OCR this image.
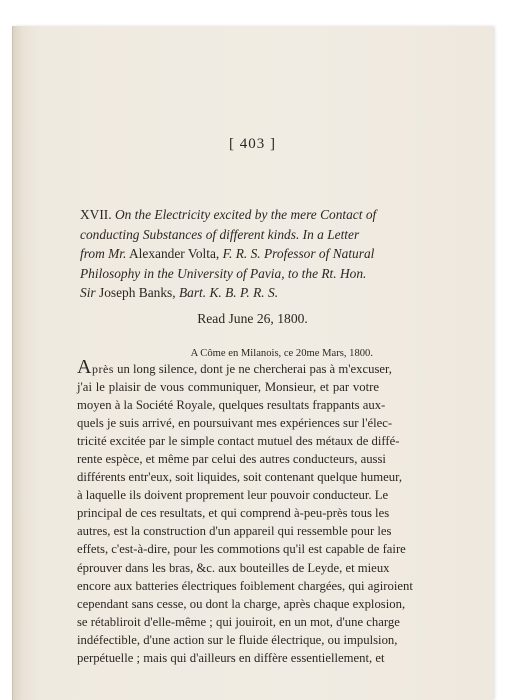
[ 403 ]
XVII. On the Electricity excited by the mere Contact of conducting Substances of different kinds. In a Letter from Mr. Alexander Volta, F. R. S. Professor of Natural Philosophy in the University of Pavia, to the Rt. Hon. Sir Joseph Banks, Bart. K. B. P. R. S.
Read June 26, 1800.
A Côme en Milanois, ce 20me Mars, 1800.
Après un long silence, dont je ne chercherai pas à m'excuser,
j'ai le plaisir de vous communiquer, Monsieur, et par votre
moyen à la Société Royale, quelques resultats frappants aux-
quels je suis arrivé, en poursuivant mes expériences sur l'élec-
tricité excitée par le simple contact mutuel des métaux de diffé-
rente espèce, et même par celui des autres conducteurs, aussi
différents entr'eux, soit liquides, soit contenant quelque humeur,
à laquelle ils doivent proprement leur pouvoir conducteur. Le
principal de ces resultats, et qui comprend à-peu-près tous les
autres, est la construction d'un appareil qui ressemble pour les
effets, c'est-à-dire, pour les commotions qu'il est capable de faire
éprouver dans les bras, &c. aux bouteilles de Leyde, et mieux
encore aux batteries électriques foiblement chargées, qui agiroient
cependant sans cesse, ou dont la charge, après chaque explosion,
se rétabliroit d'elle-même ; qui jouiroit, en un mot, d'une charge
indéfectible, d'une action sur le fluide électrique, ou impulsion,
perpétuelle ; mais qui d'ailleurs en diffère essentiellement, et
